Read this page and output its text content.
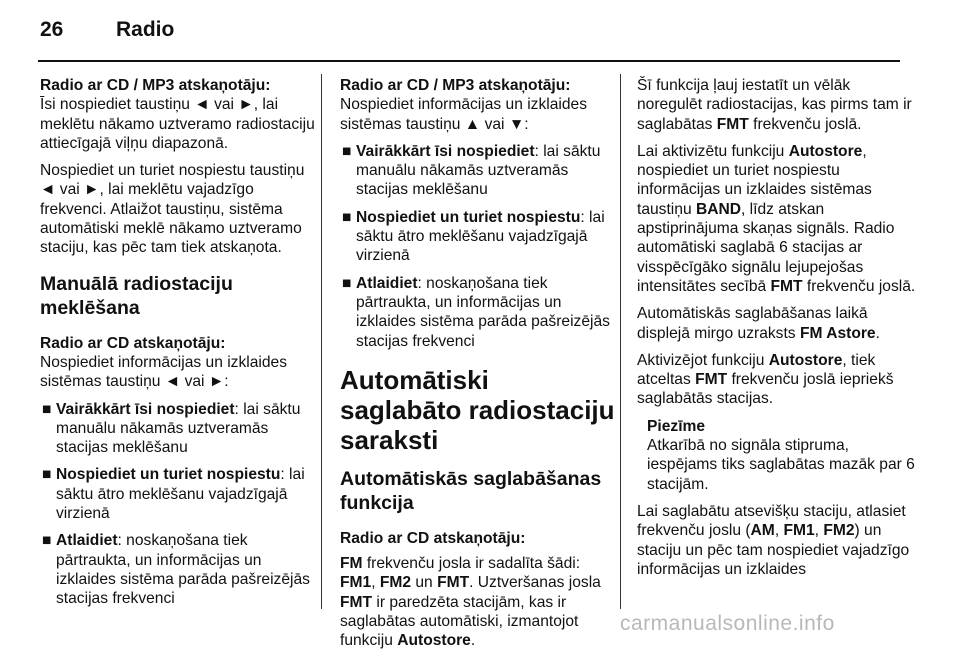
26	Radio

Radio ar CD / MP3 atskaņotāju:

Īsi nospiediet taustiņu ◄ vai ►, lai meklētu nākamo uztveramo radiostaciju attiecīgajā viļņu diapazonā.

Nospiediet un turiet nospiestu taustiņu ◄ vai ►, lai meklētu vajadzīgo frekvenci. Atlaižot taustiņu, sistēma automātiski meklē nākamo uztveramo staciju, kas pēc tam tiek atskaņota.

Manuālā radiostaciju meklēšana

Radio ar CD atskaņotāju:

Nospiediet informācijas un izklaides sistēmas taustiņu ◄ vai ►:

■ Vairākkārt īsi nospiediet: lai sāktu manuālu nākamās uztveramās stacijas meklēšanu
■ Nospiediet un turiet nospiestu: lai sāktu ātro meklēšanu vajadzīgajā virzienā
■ Atlaidiet: noskaņošana tiek pārtraukta, un informācijas un izklaides sistēma parāda pašreizējās stacijas frekvenci

Radio ar CD / MP3 atskaņotāju:

Nospiediet informācijas un izklaides sistēmas taustiņu ▲ vai ▼:

■ Vairākkārt īsi nospiediet: lai sāktu manuālu nākamās uztveramās stacijas meklēšanu
■ Nospiediet un turiet nospiestu: lai sāktu ātro meklēšanu vajadzīgajā virzienā
■ Atlaidiet: noskaņošana tiek pārtraukta, un informācijas un izklaides sistēma parāda pašreizējās stacijas frekvenci
Automātiski saglabāto radiostaciju saraksti
Automātiskās saglabāšanas funkcija

Radio ar CD atskaņotāju:

FM frekvenču josla ir sadalīta šādi: FM1, FM2 un FMT. Uztveršanas josla FMT ir paredzēta stacijām, kas ir saglabātas automātiski, izmantojot funkciju Autostore.

Šī funkcija ļauj iestatīt un vēlāk noregulēt radiostacijas, kas pirms tam ir saglabātas FMT frekvenču joslā.

Lai aktivizētu funkciju Autostore, nospiediet un turiet nospiestu informācijas un izklaides sistēmas taustiņu BAND, līdz atskan apstiprinājuma skaņas signāls. Radio automātiski saglabā 6 stacijas ar visspēcīgāko signālu lejupejošas intensitātes secībā FMT frekvenču joslā.

Automātiskās saglabāšanas laikā displejā mirgo uzraksts FM Astore.

Aktivizējot funkciju Autostore, tiek atceltas FMT frekvenču joslā iepriekš saglabātās stacijas.

Piezīme
Atkarībā no signāla stipruma, iespējams tiks saglabātas mazāk par 6 stacijām.

Lai saglabātu atsevišķu staciju, atlasiet frekvenču joslu (AM, FM1, FM2) un staciju un pēc tam nospiediet vajadzīgo informācijas un izklaides

carmanualsonline.info
